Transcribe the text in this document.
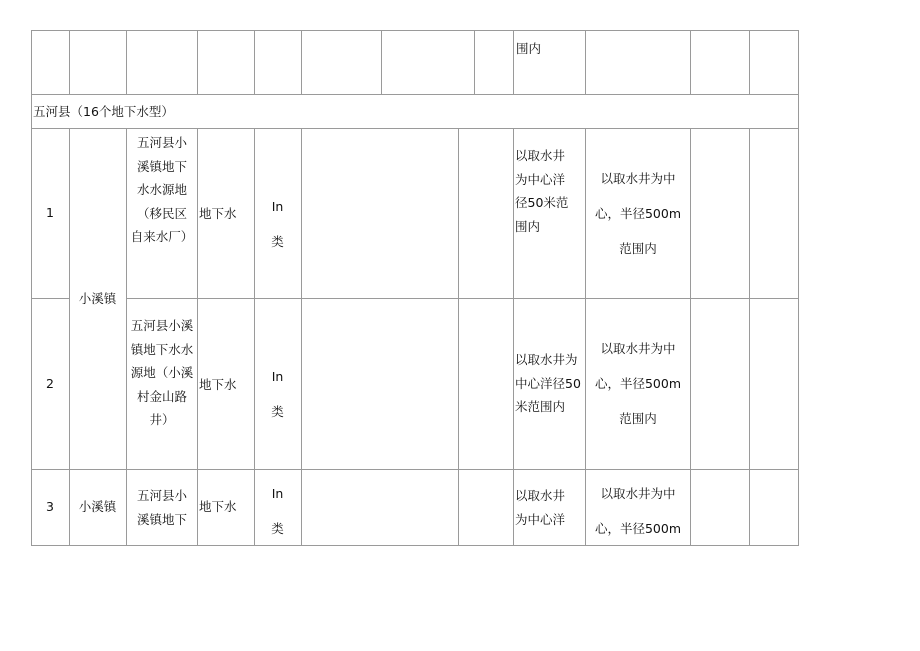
围内
五河县（16个地下水型）
1
五河县小
溪镇地下
水水源地
（移民区
自来水厂）
地下水	In
类
以取水井
为中心洋
径50米范
围内
以取水井为中
心，半径500m
范围内
小溪镇
2
五河县小溪
镇地下水水
源地（小溪
村金山路
井）
地下水
In
类
以取水井为
中心洋径50
米范围内
以取水井为中
心，半径500m
范围内
3	小溪镇
五河县小
溪镇地下
地下水
In
类
以取水井
为中心洋
以取水井为中
心，半径500m
